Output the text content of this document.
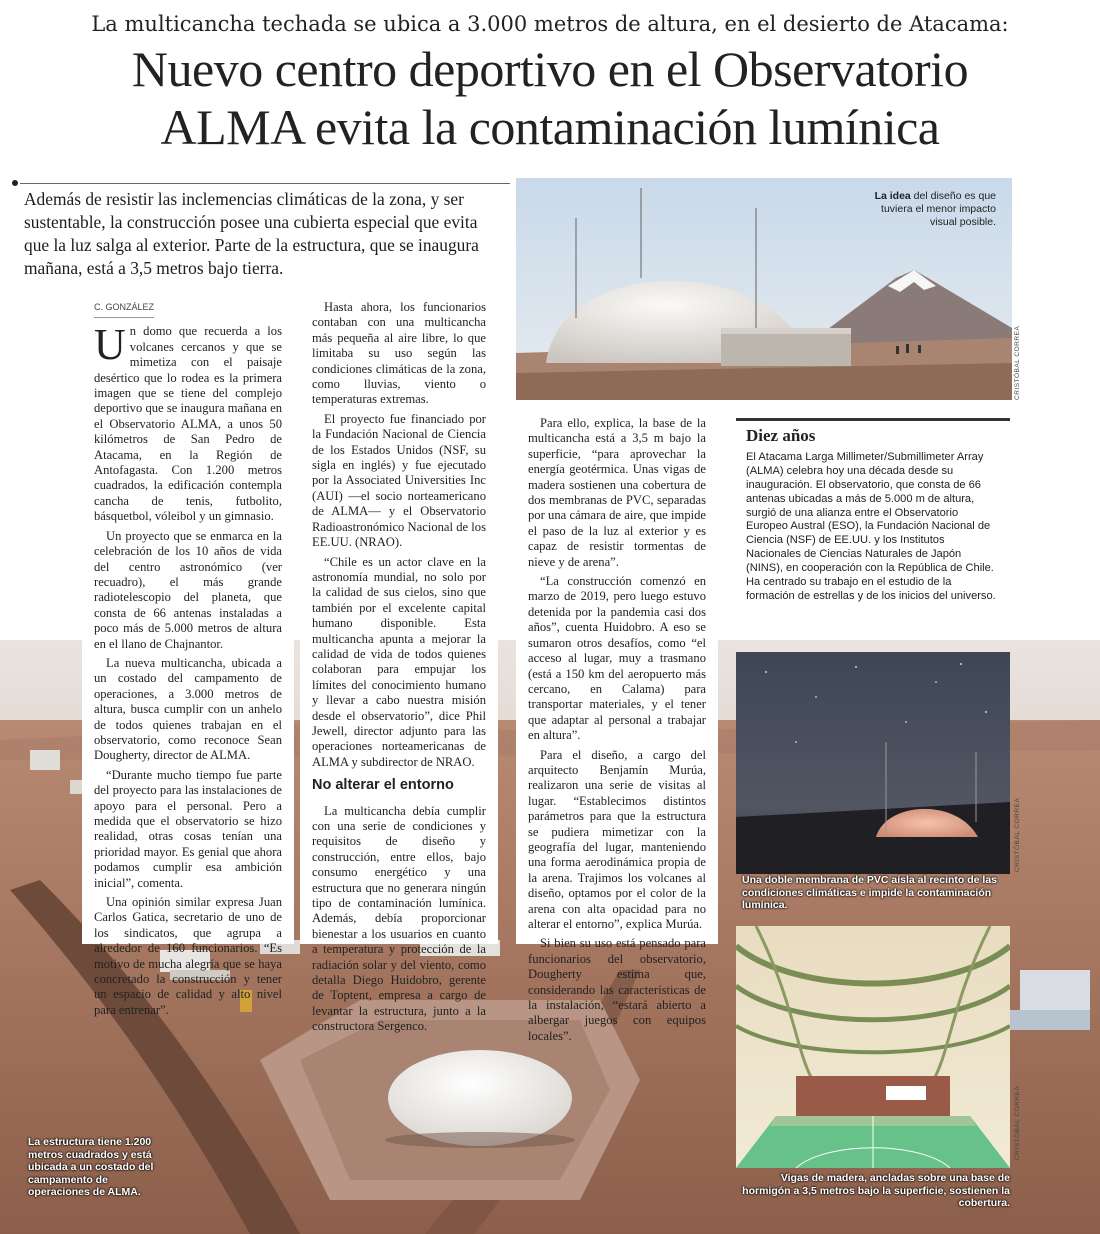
La multicancha techada se ubica a 3.000 metros de altura, en el desierto de Atacama:
Nuevo centro deportivo en el Observatorio
ALMA evita la contaminación lumínica
Además de resistir las inclemencias climáticas de la zona, y ser sustentable, la construcción posee una cubierta especial que evita que la luz salga al exterior. Parte de la estructura, que se inaugura mañana, está a 3,5 metros bajo tierra.
C. GONZÁLEZ

Un domo que recuerda a los volcanes cercanos y que se mimetiza con el paisaje desértico que lo rodea es la primera imagen que se tiene del complejo deportivo que se inaugura mañana en el Observatorio ALMA, a unos 50 kilómetros de San Pedro de Atacama, en la Región de Antofagasta. Con 1.200 metros cuadrados, la edificación contempla cancha de tenis, futbolito, básquetbol, vóleibol y un gimnasio.

Un proyecto que se enmarca en la celebración de los 10 años de vida del centro astronómico (ver recuadro), el más grande radiotelescopio del planeta, que consta de 66 antenas instaladas a poco más de 5.000 metros de altura en el llano de Chajnantor.

La nueva multicancha, ubicada a un costado del campamento de operaciones, a 3.000 metros de altura, busca cumplir con un anhelo de todos quienes trabajan en el observatorio, como reconoce Sean Dougherty, director de ALMA.

“Durante mucho tiempo fue parte del proyecto para las instalaciones de apoyo para el personal. Pero a medida que el observatorio se hizo realidad, otras cosas tenían una prioridad mayor. Es genial que ahora podamos cumplir esa ambición inicial”, comenta.

Una opinión similar expresa Juan Carlos Gatica, secretario de uno de los sindicatos, que agrupa a alrededor de 160 funcionarios. “Es motivo de mucha alegría que se haya concretado la construcción y tener un espacio de calidad y alto nivel para entrenar”.

Hasta ahora, los funcionarios contaban con una multicancha más pequeña al aire libre, lo que limitaba su uso según las condiciones climáticas de la zona, como lluvias, viento o temperaturas extremas.

El proyecto fue financiado por la Fundación Nacional de Ciencia de los Estados Unidos (NSF, su sigla en inglés) y fue ejecutado por la Associated Universities Inc (AUI) —el socio norteamericano de ALMA— y el Observatorio Radioastronómico Nacional de los EE.UU. (NRAO).

“Chile es un actor clave en la astronomía mundial, no solo por la calidad de sus cielos, sino que también por el excelente capital humano disponible. Esta multicancha apunta a mejorar la calidad de vida de todos quienes colaboran para empujar los límites del conocimiento humano y llevar a cabo nuestra misión desde el observatorio”, dice Phil Jewell, director adjunto para las operaciones norteamericanas de ALMA y subdirector de NRAO.

No alterar el entorno

La multicancha debía cumplir con una serie de condiciones y requisitos de diseño y construcción, entre ellos, bajo consumo energético y una estructura que no generara ningún tipo de contaminación lumínica. Además, debía proporcionar bienestar a los usuarios en cuanto a temperatura y protección de la radiación solar y del viento, como detalla Diego Huidobro, gerente de Toptent, empresa a cargo de levantar la estructura, junto a la constructora Sergenco.

Para ello, explica, la base de la multicancha está a 3,5 m bajo la superficie, “para aprovechar la energía geotérmica. Unas vigas de madera sostienen una cobertura de dos membranas de PVC, separadas por una cámara de aire, que impide el paso de la luz al exterior y es capaz de resistir tormentas de nieve y de arena”.

“La construcción comenzó en marzo de 2019, pero luego estuvo detenida por la pandemia casi dos años”, cuenta Huidobro. A eso se sumaron otros desafíos, como “el acceso al lugar, muy a trasmano (está a 150 km del aeropuerto más cercano, en Calama) para transportar materiales, y el tener que adaptar al personal a trabajar en altura”.

Para el diseño, a cargo del arquitecto Benjamín Murúa, realizaron una serie de visitas al lugar. “Establecimos distintos parámetros para que la estructura se pudiera mimetizar con la geografía del lugar, manteniendo una forma aerodinámica propia de la arena. Trajimos los volcanes al diseño, optamos por el color de la arena con alta opacidad para no alterar el entorno”, explica Murúa.

Si bien su uso está pensado para funcionarios del observatorio, Dougherty estima que, considerando las características de la instalación, “estará abierto a albergar juegos con equipos locales”.

La idea del diseño es que tuviera el menor impacto visual posible.
CRISTÓBAL CORREA
Diez años
El Atacama Larga Millimeter/Submillimeter Array (ALMA) celebra hoy una década desde su inauguración. El observatorio, que consta de 66 antenas ubicadas a más de 5.000 m de altura, surgió de una alianza entre el Observatorio Europeo Austral (ESO), la Fundación Nacional de Ciencia (NSF) de EE.UU. y los Institutos Nacionales de Ciencias Naturales de Japón (NINS), en cooperación con la República de Chile. Ha centrado su trabajo en el estudio de la formación de estrellas y de los inicios del universo.
CRISTÓBAL CORREA
Una doble membrana de PVC aísla al recinto de las condiciones climáticas e impide la contaminación lumínica.
CRISTÓBAL CORREA
Vigas de madera, ancladas sobre una base de hormigón a 3,5 metros bajo la superficie, sostienen la cobertura.
La estructura tiene 1.200 metros cuadrados y está ubicada a un costado del campamento de operaciones de ALMA.
